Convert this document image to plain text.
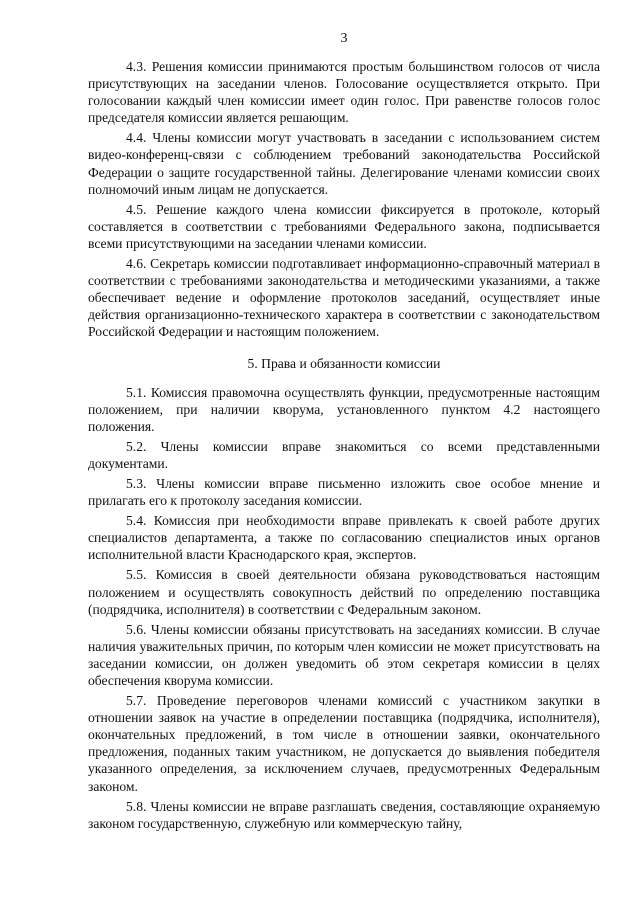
3

4.3. Решения комиссии принимаются простым большинством голосов от числа присутствующих на заседании членов. Голосование осуществляется открыто. При голосовании каждый член комиссии имеет один голос. При равенстве голосов голос председателя комиссии является решающим.

4.4. Члены комиссии могут участвовать в заседании с использованием систем видео-конференц-связи с соблюдением требований законодательства Российской Федерации о защите государственной тайны. Делегирование членами комиссии своих полномочий иным лицам не допускается.

4.5. Решение каждого члена комиссии фиксируется в протоколе, который составляется в соответствии с требованиями Федерального закона, подписывается всеми присутствующими на заседании членами комиссии.

4.6. Секретарь комиссии подготавливает информационно-справочный материал в соответствии с требованиями законодательства и методическими указаниями, а также обеспечивает ведение и оформление протоколов заседаний, осуществляет иные действия организационно-технического характера в соответствии с законодательством Российской Федерации и настоящим положением.

5. Права и обязанности комиссии

5.1. Комиссия правомочна осуществлять функции, предусмотренные настоящим положением, при наличии кворума, установленного пунктом 4.2 настоящего положения.

5.2. Члены комиссии вправе знакомиться со всеми представленными документами.

5.3. Члены комиссии вправе письменно изложить свое особое мнение и прилагать его к протоколу заседания комиссии.

5.4. Комиссия при необходимости вправе привлекать к своей работе других специалистов департамента, а также по согласованию специалистов иных органов исполнительной власти Краснодарского края, экспертов.

5.5. Комиссия в своей деятельности обязана руководствоваться настоящим положением и осуществлять совокупность действий по определению поставщика (подрядчика, исполнителя) в соответствии с Федеральным законом.

5.6. Члены комиссии обязаны присутствовать на заседаниях комиссии. В случае наличия уважительных причин, по которым член комиссии не может присутствовать на заседании комиссии, он должен уведомить об этом секретаря комиссии в целях обеспечения кворума комиссии.

5.7. Проведение переговоров членами комиссий с участником закупки в отношении заявок на участие в определении поставщика (подрядчика, исполнителя), окончательных предложений, в том числе в отношении заявки, окончательного предложения, поданных таким участником, не допускается до выявления победителя указанного определения, за исключением случаев, предусмотренных Федеральным законом.

5.8. Члены комиссии не вправе разглашать сведения, составляющие охраняемую законом государственную, служебную или коммерческую тайну,
